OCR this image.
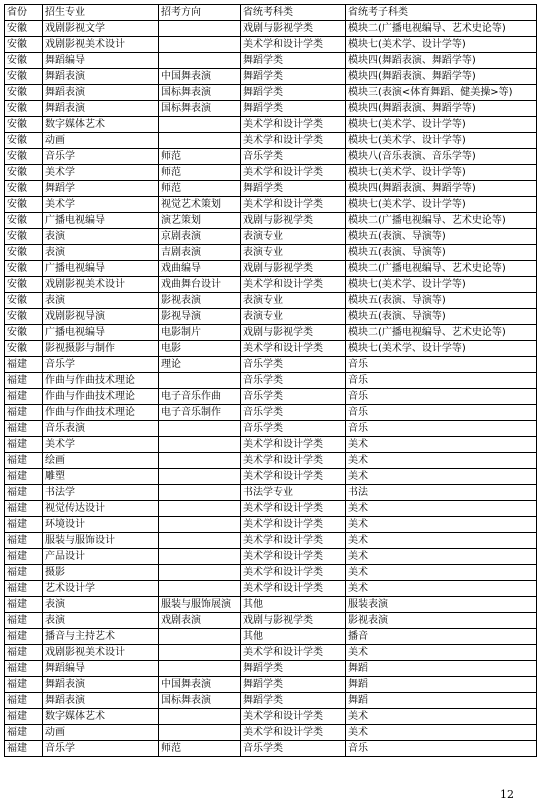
省份	招生专业	招考方向	省统考科类	省统考子科类
安徽	戏剧影视文学		戏剧与影视学类	模块二(广播电视编导、艺术史论等)
安徽	戏剧影视美术设计		美术学和设计学类	模块七(美术学、设计学等)
安徽	舞蹈编导		舞蹈学类	模块四(舞蹈表演、舞蹈学等)
安徽	舞蹈表演	中国舞表演	舞蹈学类	模块四(舞蹈表演、舞蹈学等)
安徽	舞蹈表演	国标舞表演	舞蹈学类	模块三(表演<体育舞蹈、健美操>等)
安徽	舞蹈表演	国标舞表演	舞蹈学类	模块四(舞蹈表演、舞蹈学等)
安徽	数字媒体艺术		美术学和设计学类	模块七(美术学、设计学等)
安徽	动画		美术学和设计学类	模块七(美术学、设计学等)
安徽	音乐学	师范	音乐学类	模块八(音乐表演、音乐学等)
安徽	美术学	师范	美术学和设计学类	模块七(美术学、设计学等)
安徽	舞蹈学	师范	舞蹈学类	模块四(舞蹈表演、舞蹈学等)
安徽	美术学	视觉艺术策划	美术学和设计学类	模块七(美术学、设计学等)
安徽	广播电视编导	演艺策划	戏剧与影视学类	模块二(广播电视编导、艺术史论等)
安徽	表演	京剧表演	表演专业	模块五(表演、导演等)
安徽	表演	吉剧表演	表演专业	模块五(表演、导演等)
安徽	广播电视编导	戏曲编导	戏剧与影视学类	模块二(广播电视编导、艺术史论等)
安徽	戏剧影视美术设计	戏曲舞台设计	美术学和设计学类	模块七(美术学、设计学等)
安徽	表演	影视表演	表演专业	模块五(表演、导演等)
安徽	戏剧影视导演	影视导演	表演专业	模块五(表演、导演等)
安徽	广播电视编导	电影制片	戏剧与影视学类	模块二(广播电视编导、艺术史论等)
安徽	影视摄影与制作	电影	美术学和设计学类	模块七(美术学、设计学等)
福建	音乐学	理论	音乐学类	音乐
福建	作曲与作曲技术理论		音乐学类	音乐
福建	作曲与作曲技术理论	电子音乐作曲	音乐学类	音乐
福建	作曲与作曲技术理论	电子音乐制作	音乐学类	音乐
福建	音乐表演		音乐学类	音乐
福建	美术学		美术学和设计学类	美术
福建	绘画		美术学和设计学类	美术
福建	雕塑		美术学和设计学类	美术
福建	书法学		书法学专业	书法
福建	视觉传达设计		美术学和设计学类	美术
福建	环境设计		美术学和设计学类	美术
福建	服装与服饰设计		美术学和设计学类	美术
福建	产品设计		美术学和设计学类	美术
福建	摄影		美术学和设计学类	美术
福建	艺术设计学		美术学和设计学类	美术
福建	表演	服装与服饰展演	其他	服装表演
福建	表演	戏剧表演	戏剧与影视学类	影视表演
福建	播音与主持艺术		其他	播音
福建	戏剧影视美术设计		美术学和设计学类	美术
福建	舞蹈编导		舞蹈学类	舞蹈
福建	舞蹈表演	中国舞表演	舞蹈学类	舞蹈
福建	舞蹈表演	国标舞表演	舞蹈学类	舞蹈
福建	数字媒体艺术		美术学和设计学类	美术
福建	动画		美术学和设计学类	美术
福建	音乐学	师范	音乐学类	音乐
12
